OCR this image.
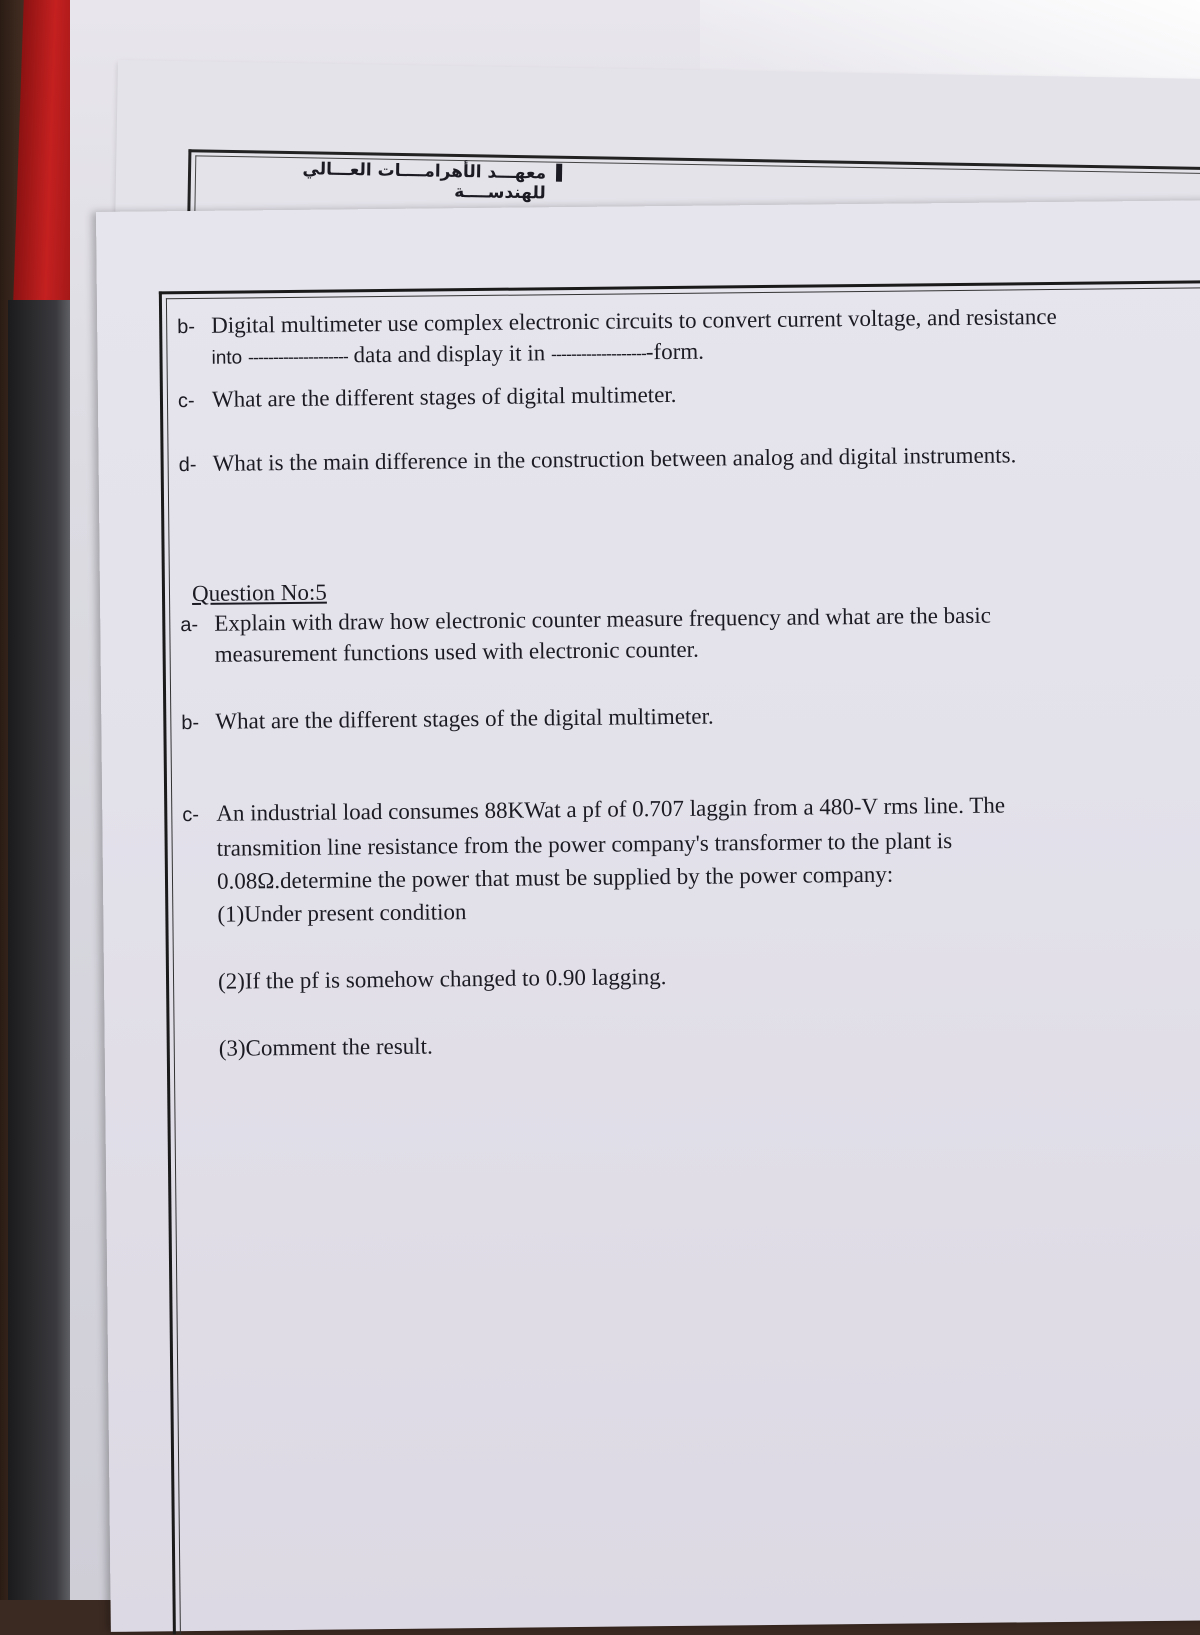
معهـــد الأهرامــــات العـــالي للهندســــة
b- Digital multimeter use complex electronic circuits to convert current voltage, and resistance
into -------------------- data and display it in --------------------form.
c- What are the different stages of digital multimeter.
d- What is the main difference in the construction between analog and digital instruments.
Question No:5
a- Explain with draw how electronic counter measure frequency and what are the basic
measurement functions used with electronic counter.
b- What are the different stages of the digital multimeter.
c- An industrial load consumes 88KWat a pf of 0.707 laggin from a 480-V rms line. The
transmition line resistance from the power company's transformer to the plant is
0.08Ω.determine the power that must be supplied by the power company:
(1)Under present condition
(2)If the pf is somehow changed to 0.90 lagging.
(3)Comment the result.
